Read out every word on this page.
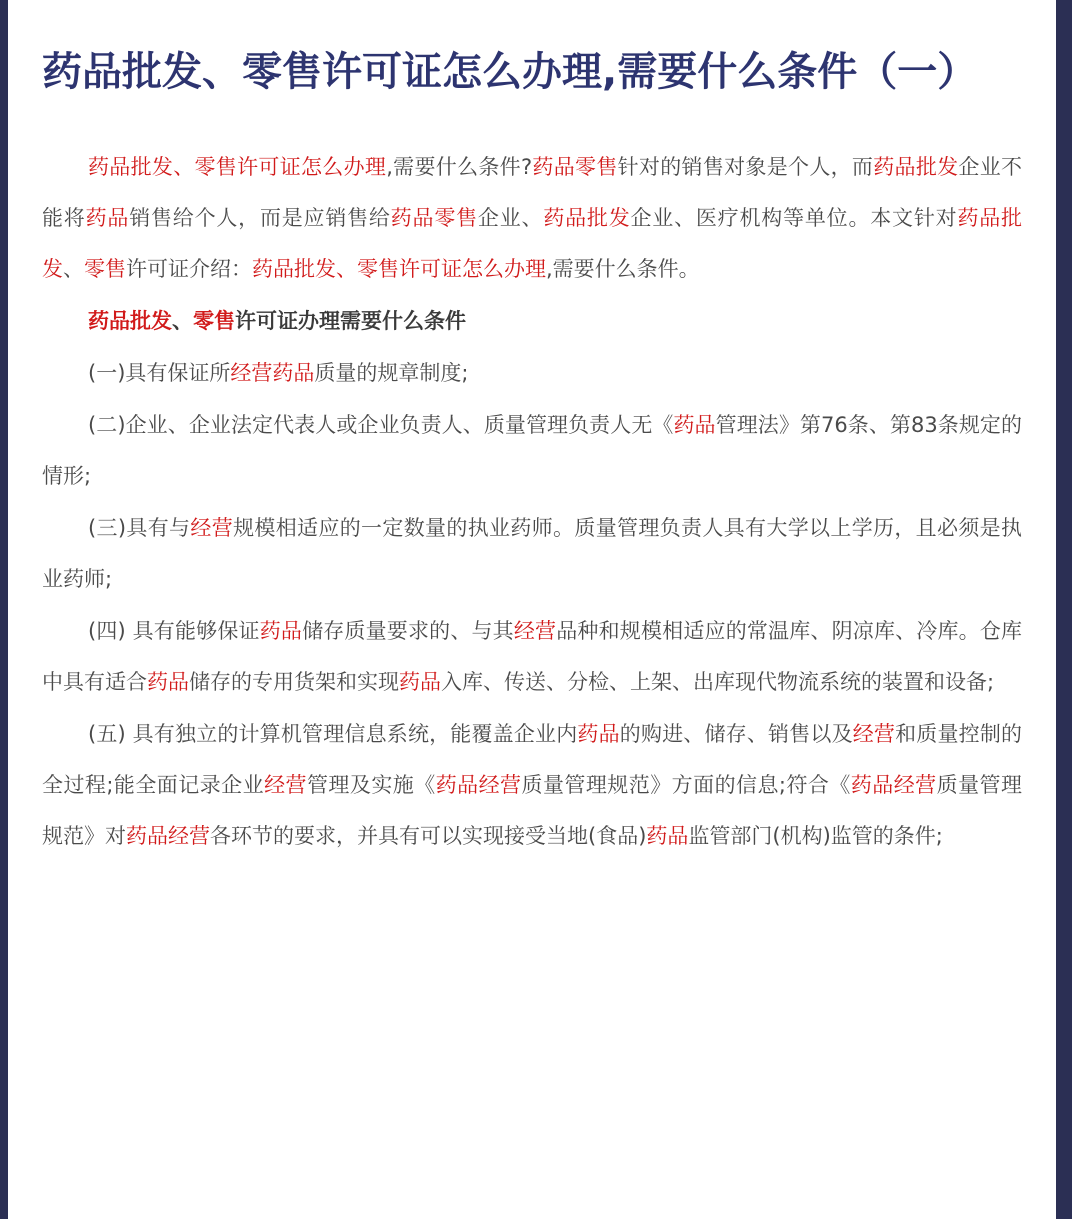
药品批发、零售许可证怎么办理,需要什么条件（一）

药品批发、零售许可证怎么办理,需要什么条件?药品零售针对的销售对象是个人，而药品批发企业不能将药品销售给个人，而是应销售给药品零售企业、药品批发企业、医疗机构等单位。本文针对药品批发、零售许可证介绍：药品批发、零售许可证怎么办理,需要什么条件。

药品批发、零售许可证办理需要什么条件

(一)具有保证所经营药品质量的规章制度;

(二)企业、企业法定代表人或企业负责人、质量管理负责人无《药品管理法》第76条、第83条规定的情形;

(三)具有与经营规模相适应的一定数量的执业药师。质量管理负责人具有大学以上学历，且必须是执业药师;

(四) 具有能够保证药品储存质量要求的、与其经营品种和规模相适应的常温库、阴凉库、冷库。仓库中具有适合药品储存的专用货架和实现药品入库、传送、分检、上架、出库现代物流系统的装置和设备;

(五) 具有独立的计算机管理信息系统，能覆盖企业内药品的购进、储存、销售以及经营和质量控制的全过程;能全面记录企业经营管理及实施《药品经营质量管理规范》方面的信息;符合《药品经营质量管理规范》对药品经营各环节的要求，并具有可以实现接受当地(食品)药品监管部门(机构)监管的条件;
